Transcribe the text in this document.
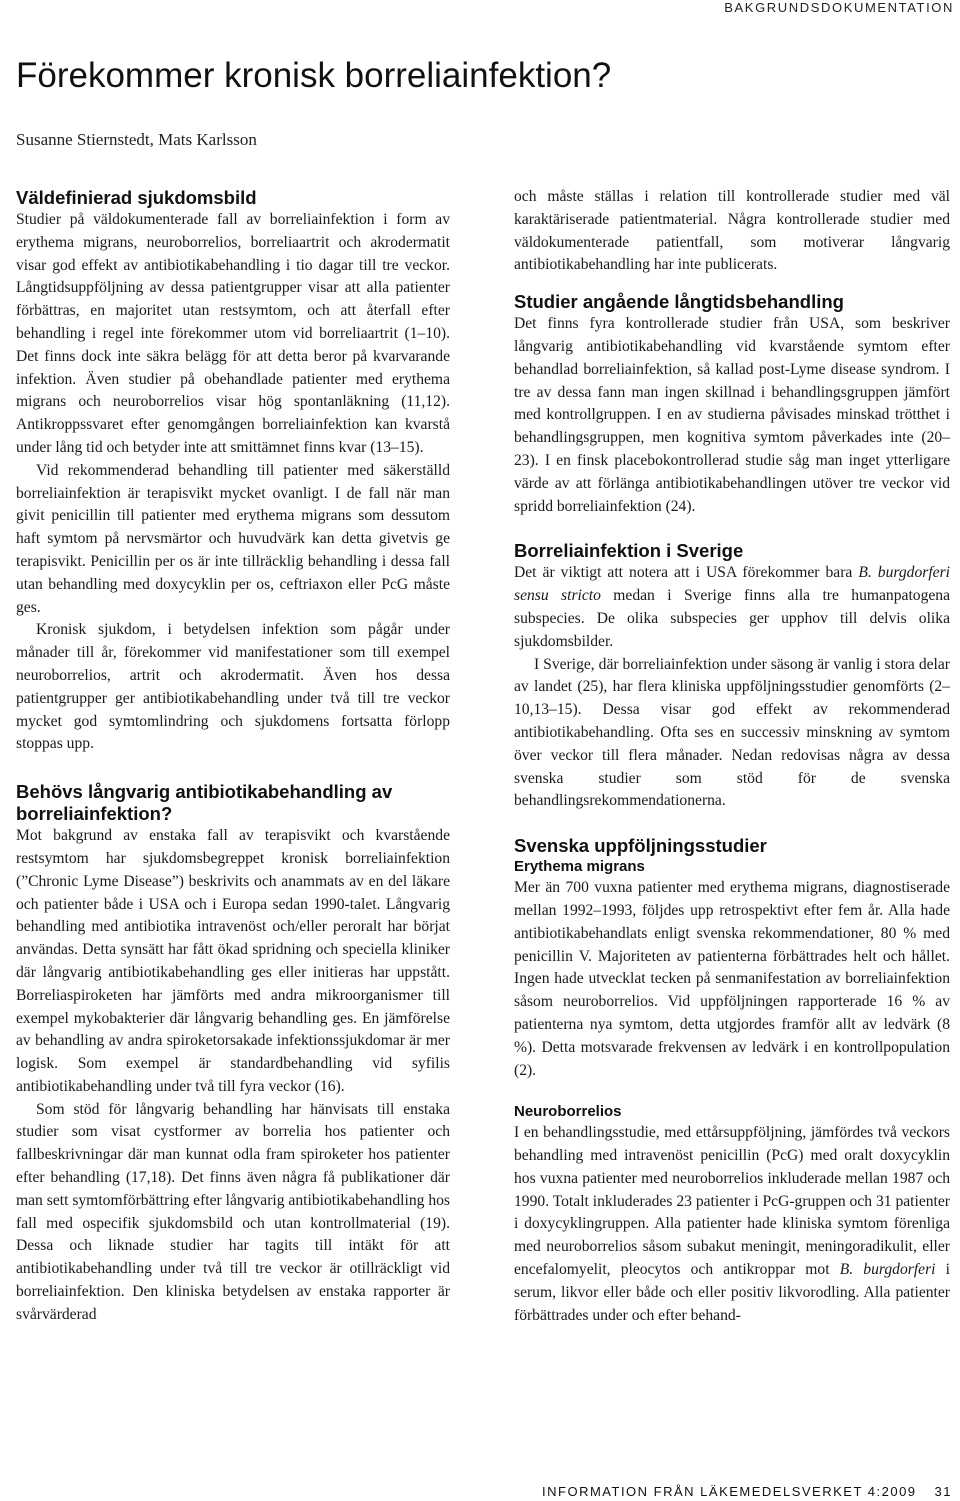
BAKGRUNDSDOKUMENTATION
Förekommer kronisk borreliainfektion?
Susanne Stiernstedt, Mats Karlsson
Väldefinierad sjukdomsbild

Studier på väldokumenterade fall av borreliainfektion i form av erythema migrans, neuroborrelios, borreliaartrit och akrodermatit visar god effekt av antibiotikabehandling i tio dagar till tre veckor. Långtidsuppföljning av dessa patientgrupper visar att alla patienter förbättras, en majoritet utan restsymtom, och att återfall efter behandling i regel inte förekommer utom vid borreliaartrit (1–10). Det finns dock inte säkra belägg för att detta beror på kvarvarande infektion. Även studier på obehandlade patienter med erythema migrans och neuroborrelios visar hög spontanläkning (11,12). Antikroppssvaret efter genomgången borreliainfektion kan kvarstå under lång tid och betyder inte att smittämnet finns kvar (13–15).

Vid rekommenderad behandling till patienter med säkerställd borreliainfektion är terapisvikt mycket ovanligt. I de fall när man givit penicillin till patienter med erythema migrans som dessutom haft symtom på nervsmärtor och huvudvärk kan detta givetvis ge terapisvikt. Penicillin per os är inte tillräcklig behandling i dessa fall utan behandling med doxycyklin per os, ceftriaxon eller PcG måste ges.

Kronisk sjukdom, i betydelsen infektion som pågår under månader till år, förekommer vid manifestationer som till exempel neuroborrelios, artrit och akrodermatit. Även hos dessa patientgrupper ger antibiotikabehandling under två till tre veckor mycket god symtomlindring och sjukdomens fortsatta förlopp stoppas upp.

Behövs långvarig antibiotikabehandling av borreliainfektion?

Mot bakgrund av enstaka fall av terapisvikt och kvarstående restsymtom har sjukdomsbegreppet kronisk borreliainfektion (”Chronic Lyme Disease”) beskrivits och anammats av en del läkare och patienter både i USA och i Europa sedan 1990-talet. Långvarig behandling med antibiotika intravenöst och/eller peroralt har börjat användas. Detta synsätt har fått ökad spridning och speciella kliniker där långvarig antibiotikabehandling ges eller initieras har uppstått. Borreliaspiroketen har jämförts med andra mikroorganismer till exempel mykobakterier där långvarig behandling ges. En jämförelse av behandling av andra spiroketorsakade infektionssjukdomar är mer logisk. Som exempel är standardbehandling vid syfilis antibiotikabehandling under två till fyra veckor (16).

Som stöd för långvarig behandling har hänvisats till enstaka studier som visat cystformer av borrelia hos patienter och fallbeskrivningar där man kunnat odla fram spiroketer hos patienter efter behandling (17,18). Det finns även några få publikationer där man sett symtomförbättring efter långvarig antibiotikabehandling hos fall med ospecifik sjukdomsbild och utan kontrollmaterial (19). Dessa och liknade studier har tagits till intäkt för att antibiotikabehandling under två till tre veckor är otillräckligt vid borreliainfektion. Den kliniska betydelsen av enstaka rapporter är svårvärderad

och måste ställas i relation till kontrollerade studier med väl karaktäriserade patientmaterial. Några kontrollerade studier med väldokumenterade patientfall, som motiverar långvarig antibiotikabehandling har inte publicerats.

Studier angående långtidsbehandling

Det finns fyra kontrollerade studier från USA, som beskriver långvarig antibiotikabehandling vid kvarstående symtom efter behandlad borreliainfektion, så kallad post-Lyme disease syndrom. I tre av dessa fann man ingen skillnad i behandlingsgruppen jämfört med kontrollgruppen. I en av studierna påvisades minskad trötthet i behandlingsgruppen, men kognitiva symtom påverkades inte (20–23). I en finsk placebokontrollerad studie såg man inget ytterligare värde av att förlänga antibiotikabehandlingen utöver tre veckor vid spridd borreliainfektion (24).

Borreliainfektion i Sverige

Det är viktigt att notera att i USA förekommer bara B. burgdorferi sensu stricto medan i Sverige finns alla tre humanpatogena subspecies. De olika subspecies ger upphov till delvis olika sjukdomsbilder.

I Sverige, där borreliainfektion under säsong är vanlig i stora delar av landet (25), har flera kliniska uppföljningsstudier genomförts (2–10,13–15). Dessa visar god effekt av rekommenderad antibiotikabehandling. Ofta ses en successiv minskning av symtom över veckor till flera månader. Nedan redovisas några av dessa svenska studier som stöd för de svenska behandlingsrekommendationerna.

Svenska uppföljningsstudier
Erythema migrans

Mer än 700 vuxna patienter med erythema migrans, diagnostiserade mellan 1992–1993, följdes upp retrospektivt efter fem år. Alla hade antibiotikabehandlats enligt svenska rekommendationer, 80 % med penicillin V. Majoriteten av patienterna förbättrades helt och hållet. Ingen hade utvecklat tecken på senmanifestation av borreliainfektion såsom neuroborrelios. Vid uppföljningen rapporterade 16 % av patienterna nya symtom, detta utgjordes framför allt av ledvärk (8 %). Detta motsvarade frekvensen av ledvärk i en kontrollpopulation (2).

Neuroborrelios

I en behandlingsstudie, med ettårsuppföljning, jämfördes två veckors behandling med intravenöst penicillin (PcG) med oralt doxycyklin hos vuxna patienter med neuroborrelios inkluderade mellan 1987 och 1990. Totalt inkluderades 23 patienter i PcG-gruppen och 31 patienter i doxycyklingruppen. Alla patienter hade kliniska symtom förenliga med neuroborrelios såsom subakut meningit, meningoradikulit, eller encefalomyelit, pleocytos och antikroppar mot B. burgdorferi i serum, likvor eller både och eller positiv likvorodling. Alla patienter förbättrades under och efter behand-

INFORMATION FRÅN LÄKEMEDELSVERKET 4:2009 31
